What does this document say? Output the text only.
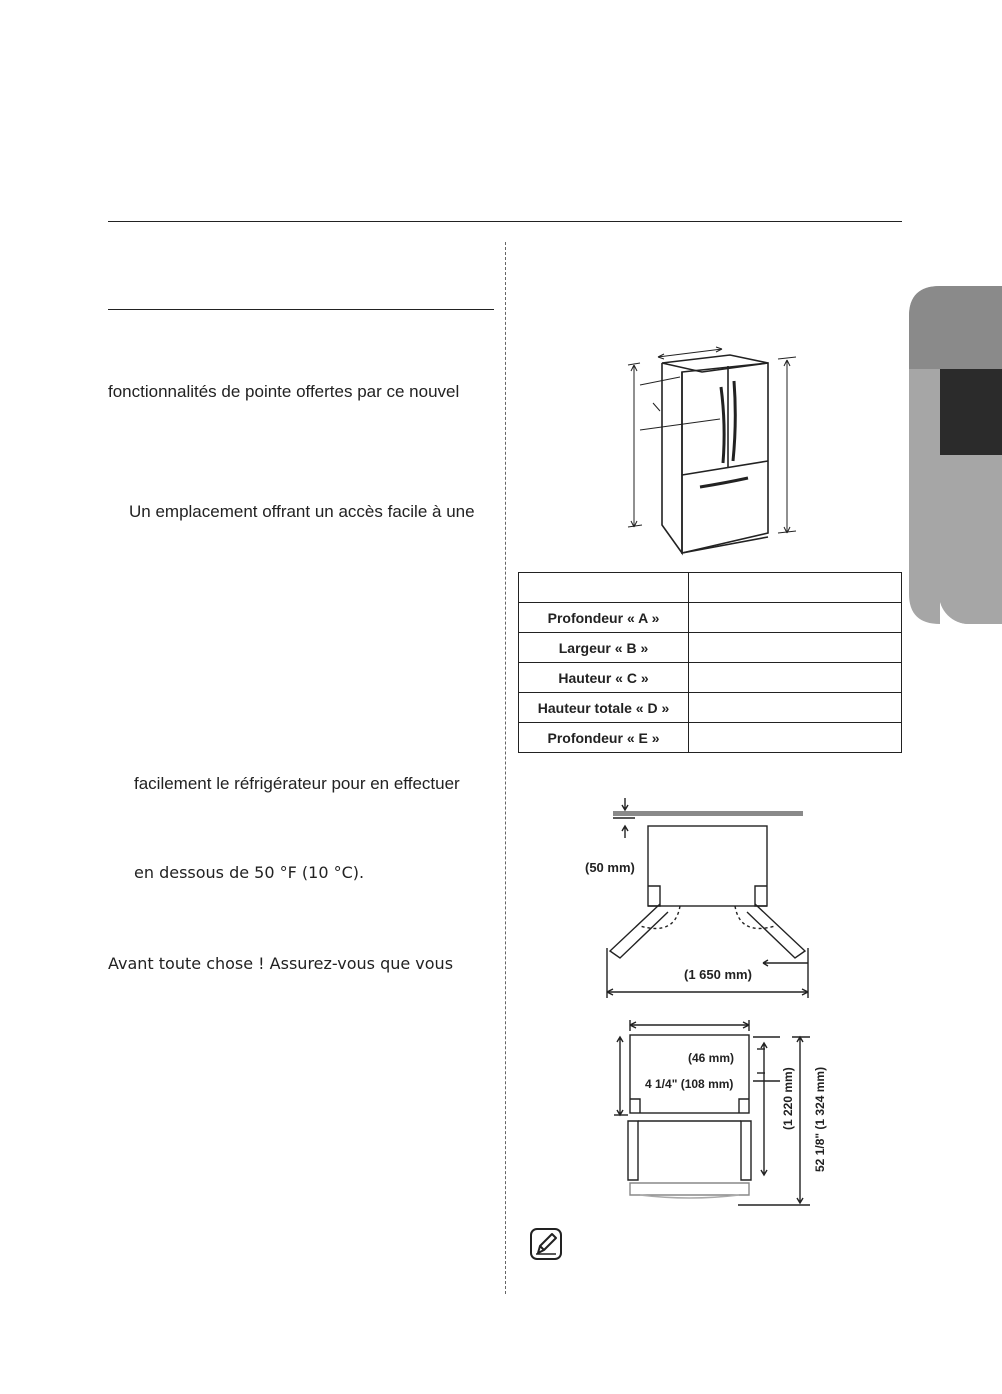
fonctionnalités de pointe offertes par ce nouvel
Un emplacement offrant un accès facile à une
facilement le réfrigérateur pour en effectuer
en dessous de 50 °F (10 °C).
Avant toute chose ! Assurez-vous que vous

Profondeur « A »	
Largeur « B »	
Hauteur « C »	
Hauteur totale « D »	
Profondeur « E »	
(50 mm)
(1 650 mm)
(46 mm)
4 1/4" (108 mm)	(1 220 mm) 52 1/8" (1 324 mm)
